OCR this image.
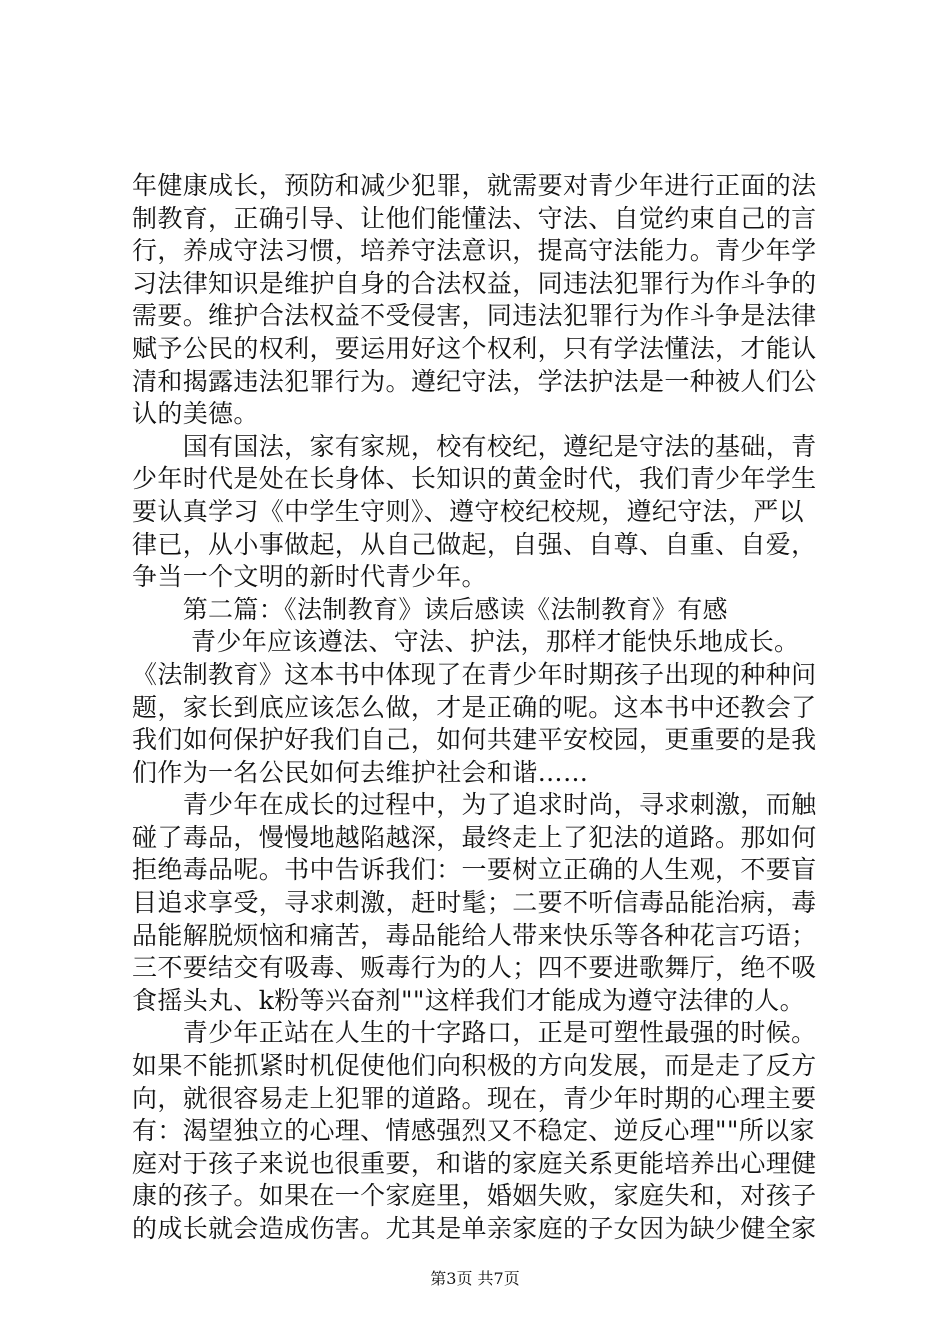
年健康成长，预防和减少犯罪，就需要对青少年进行正面的法
制教育，正确引导、让他们能懂法、守法、自觉约束自己的言
行，养成守法习惯，培养守法意识，提高守法能力。青少年学
习法律知识是维护自身的合法权益，同违法犯罪行为作斗争的
需要。维护合法权益不受侵害，同违法犯罪行为作斗争是法律
赋予公民的权利，要运用好这个权利，只有学法懂法，才能认
清和揭露违法犯罪行为。遵纪守法，学法护法是一种被人们公
认的美德。
　　国有国法，家有家规，校有校纪，遵纪是守法的基础，青
少年时代是处在长身体、长知识的黄金时代，我们青少年学生
要认真学习《中学生守则》、遵守校纪校规，遵纪守法，严以
律已，从小事做起，从自己做起，自强、自尊、自重、自爱，
争当一个文明的新时代青少年。
　　第二篇：《法制教育》读后感读《法制教育》有感
　　 青少年应该遵法、守法、护法，那样才能快乐地成长。
《法制教育》这本书中体现了在青少年时期孩子出现的种种问
题，家长到底应该怎么做，才是正确的呢。这本书中还教会了
我们如何保护好我们自己，如何共建平安校园，更重要的是我
们作为一名公民如何去维护社会和谐……
　　青少年在成长的过程中，为了追求时尚，寻求刺激，而触
碰了毒品，慢慢地越陷越深，最终走上了犯法的道路。那如何
拒绝毒品呢。书中告诉我们：一要树立正确的人生观，不要盲
目追求享受，寻求刺激，赶时髦；二要不听信毒品能治病，毒
品能解脱烦恼和痛苦，毒品能给人带来快乐等各种花言巧语；
三不要结交有吸毒、贩毒行为的人；四不要进歌舞厅，绝不吸
食摇头丸、k粉等兴奋剂""这样我们才能成为遵守法律的人。
　　青少年正站在人生的十字路口，正是可塑性最强的时候。
如果不能抓紧时机促使他们向积极的方向发展，而是走了反方
向，就很容易走上犯罪的道路。现在，青少年时期的心理主要
有：渴望独立的心理、情感强烈又不稳定、逆反心理""所以家
庭对于孩子来说也很重要，和谐的家庭关系更能培养出心理健
康的孩子。如果在一个家庭里，婚姻失败，家庭失和，对孩子
的成长就会造成伤害。尤其是单亲家庭的子女因为缺少健全家
第3页 共7页
